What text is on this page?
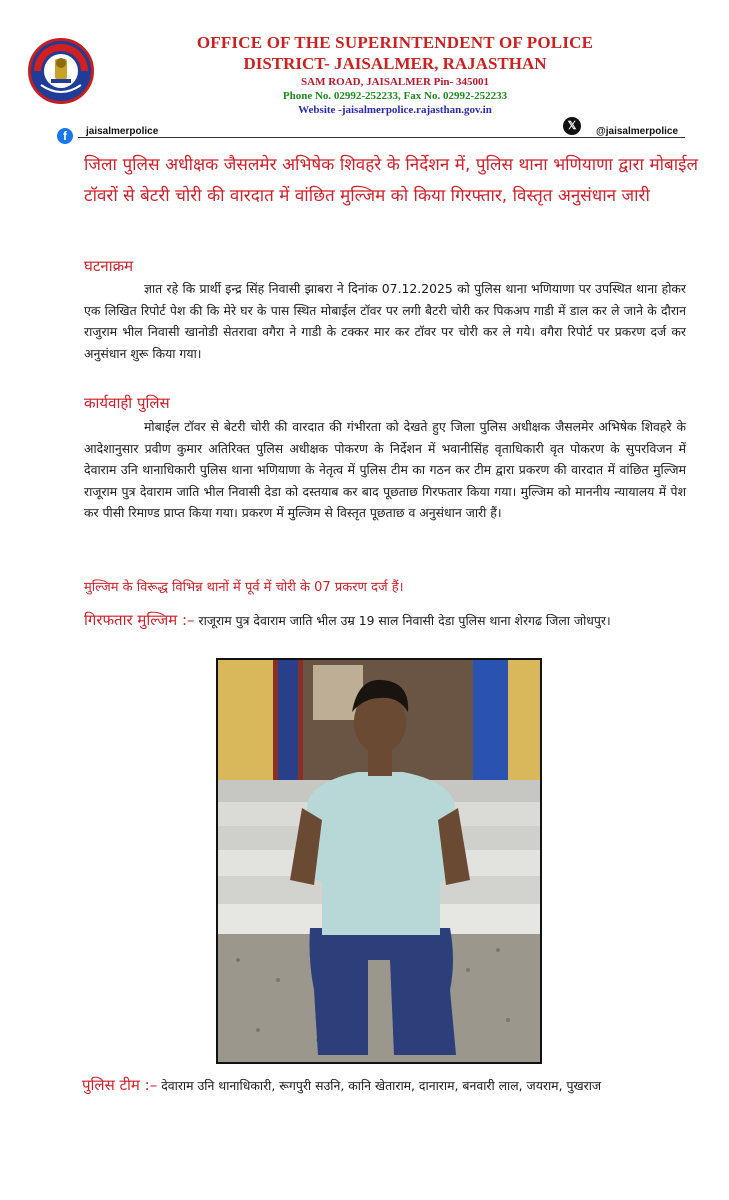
OFFICE OF THE SUPERINTENDENT OF POLICE
DISTRICT- JAISALMER, RAJASTHAN
SAM ROAD, JAISALMER Pin- 345001
Phone No. 02992-252233, Fax No. 02992-252233
Website -jaisalmerpolice.rajasthan.gov.in
f	jaisalmerpolice	𝕏	@jaisalmerpolice
जिला पुलिस अधीक्षक जैसलमेर अभिषेक शिवहरे के निर्देशन में, पुलिस थाना भणियाणा द्वारा मोबाईल टॉवरों से बेटरी चोरी की वारदात में वांछित मुल्जिम को किया गिरफ्तार, विस्तृत अनुसंधान जारी
घटनाक्रम
ज्ञात रहे कि प्रार्थी इन्द्र सिंह निवासी झाबरा ने दिनांक 07.12.2025 को पुलिस थाना भणियाणा पर उपस्थित थाना होकर एक लिखित रिपोर्ट पेश की कि मेरे घर के पास स्थित मोबाईल टॉवर पर लगी बैटरी चोरी कर पिकअप गाडी में डाल कर ले जाने के दौरान राजुराम भील निवासी खानोडी सेतरावा वगैरा ने गाडी के टक्कर मार कर टॉवर पर चोरी कर ले गये। वगैरा रिपोर्ट पर प्रकरण दर्ज कर अनुसंधान शुरू किया गया।
कार्यवाही पुलिस
मोबाईल टॉवर से बेटरी चोरी की वारदात की गंभीरता को देखते हुए जिला पुलिस अधीक्षक जैसलमेर अभिषेक शिवहरे के आदेशानुसार प्रवीण कुमार अतिरिक्त पुलिस अधीक्षक पोकरण के निर्देशन में भवानीसिंह वृताधिकारी वृत पोकरण के सुपरविजन में देवाराम उनि थानाधिकारी पुलिस थाना भणियाणा के नेतृत्व में पुलिस टीम का गठन कर टीम द्वारा प्रकरण की वारदात में वांछित मुल्जिम राजूराम पुत्र देवाराम जाति भील निवासी देडा को दस्तयाब कर बाद पूछताछ गिरफतार किया गया। मुल्जिम को माननीय न्यायालय में पेश कर पीसी रिमाण्ड प्राप्त किया गया। प्रकरण में मुल्जिम से विस्तृत पूछताछ व अनुसंधान जारी हैं।
मुल्जिम के विरूद्ध विभिन्न थानों में पूर्व में चोरी के 07 प्रकरण दर्ज हैं।
गिरफतार मुल्जिम :– राजूराम पुत्र देवाराम जाति भील उम्र 19 साल निवासी देडा पुलिस थाना शेरगढ जिला जोधपुर।
पुलिस टीम :– देवाराम उनि थानाधिकारी, रूगपुरी सउनि, कानि खेताराम, दानाराम, बनवारी लाल, जयराम, पुखराज
